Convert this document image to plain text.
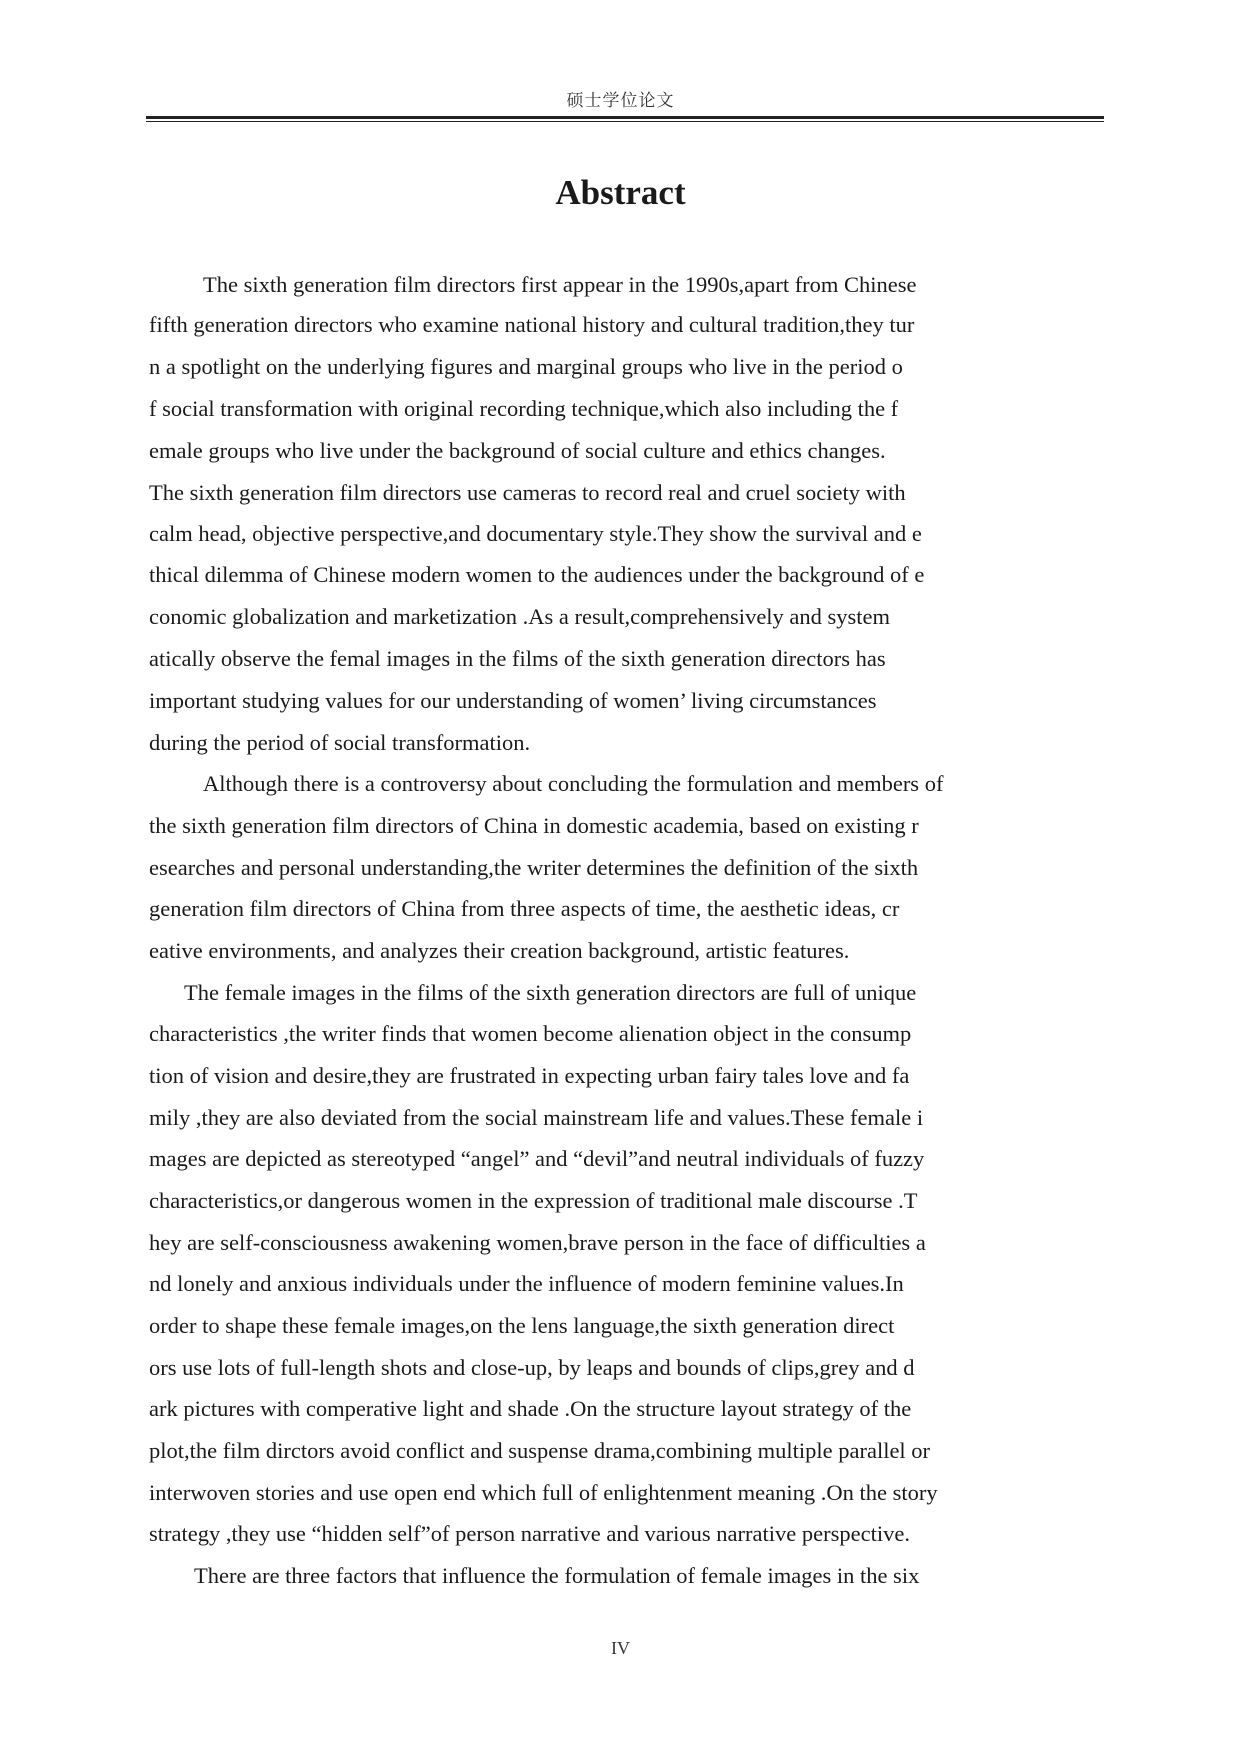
硕士学位论文
Abstract
The sixth generation film directors first appear in the 1990s,apart from Chinese
fifth generation directors who examine national history and cultural tradition,they tur
n a spotlight on the underlying figures and marginal groups who live in the period o
f social transformation with original recording technique,which also including the f
emale groups who live under the background of social culture and ethics changes.
The sixth generation film directors use cameras to record real and cruel society with
calm head, objective perspective,and documentary style.They show the survival and e
thical dilemma of Chinese modern women to the audiences under the background of e
conomic globalization and marketization .As a result,comprehensively and system
atically observe the femal images in the films of the sixth generation directors has
important studying values for our understanding of women’ living circumstances
during the period of social transformation.
Although there is a controversy about concluding the formulation and members of
the sixth generation film directors of China in domestic academia, based on existing r
esearches and personal understanding,the writer determines the definition of the sixth
generation film directors of China from three aspects of time, the aesthetic ideas, cr
eative environments, and analyzes their creation background, artistic features.
The female images in the films of the sixth generation directors are full of unique
characteristics ,the writer finds that women become alienation object in the consump
tion of vision and desire,they are frustrated in expecting urban fairy tales love and fa
mily ,they are also deviated from the social mainstream life and values.These female i
mages are depicted as stereotyped “angel” and “devil”and neutral individuals of fuzzy
characteristics,or dangerous women in the expression of traditional male discourse .T
hey are self-consciousness awakening women,brave person in the face of difficulties a
nd lonely and anxious individuals under the influence of modern feminine values.In
order to shape these female images,on the lens language,the sixth generation direct
ors use lots of full-length shots and close-up, by leaps and bounds of clips,grey and d
ark pictures with comperative light and shade .On the structure layout strategy of the
plot,the film dirctors avoid conflict and suspense drama,combining multiple parallel or
interwoven stories and use open end which full of enlightenment meaning .On the story
strategy ,they use “hidden self”of person narrative and various narrative perspective.
There are three factors that influence the formulation of female images in the six
IV
